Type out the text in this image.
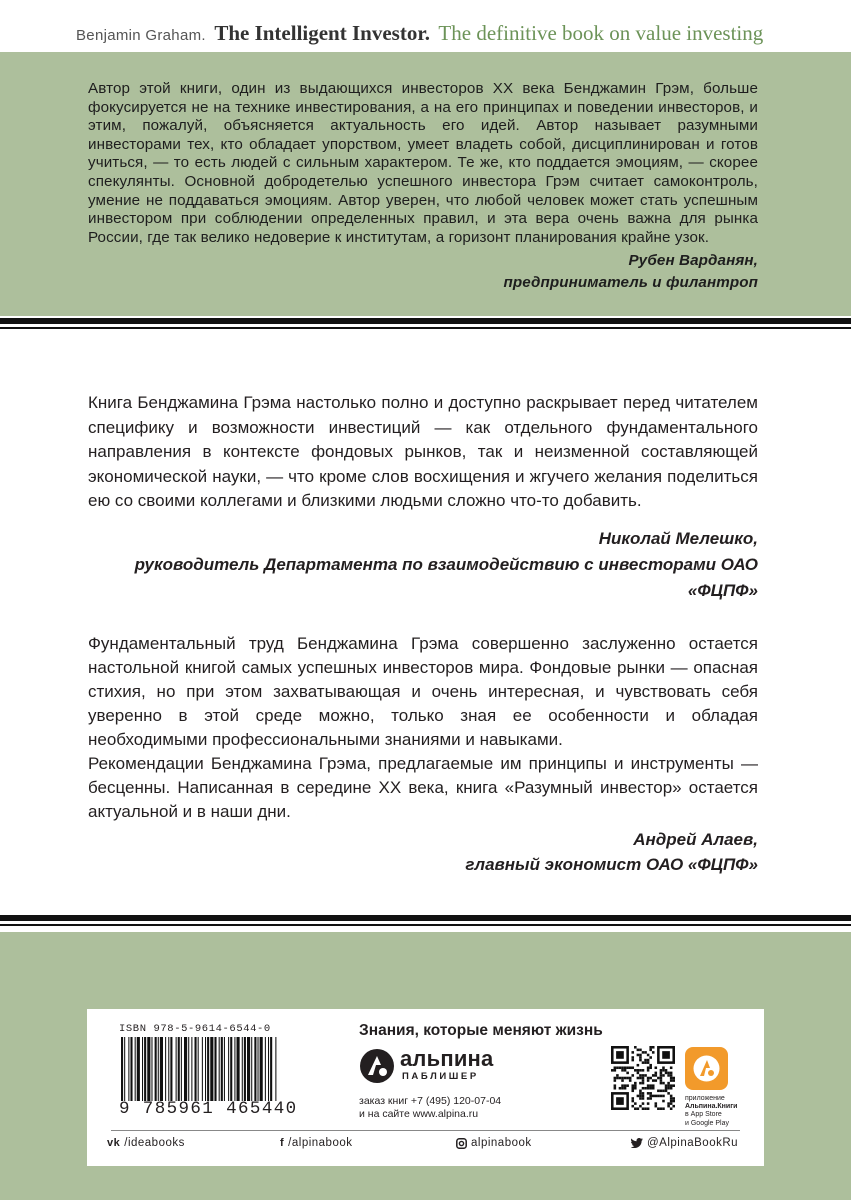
Benjamin Graham. The Intelligent Investor. The definitive book on value investing

Автор этой книги, один из выдающихся инвесторов XX века Бенджамин Грэм, больше фокусируется не на технике инвестирования, а на его принципах и поведении инвесторов, и этим, пожалуй, объясняется актуальность его идей. Автор называет разумными инвесторами тех, кто обладает упорством, умеет владеть собой, дисциплинирован и готов учиться, — то есть людей с сильным характером. Те же, кто поддается эмоциям, — скорее спекулянты. Основной добродетелью успешного инвестора Грэм считает самоконтроль, умение не поддаваться эмоциям. Автор уверен, что любой человек может стать успешным инвестором при соблюдении определенных правил, и эта вера очень важна для рынка России, где так велико недоверие к институтам, а горизонт планирования крайне узок.

Рубен Варданян,
предприниматель и филантроп

Книга Бенджамина Грэма настолько полно и доступно раскрывает перед читателем специфику и возможности инвестиций — как отдельного фундаментального направления в контексте фондовых рынков, так и неизменной составляющей экономической науки, — что кроме слов восхищения и жгучего желания поделиться ею со своими коллегами и близкими людьми сложно что-то добавить.

Николай Мелешко,
руководитель Департамента по взаимодействию с инвесторами ОАО «ФЦПФ»

Фундаментальный труд Бенджамина Грэма совершенно заслуженно остается настольной книгой самых успешных инвесторов мира. Фондовые рынки — опасная стихия, но при этом захватывающая и очень интересная, и чувствовать себя уверенно в этой среде можно, только зная ее особенности и обладая необходимыми профессиональными знаниями и навыками.

Рекомендации Бенджамина Грэма, предлагаемые им принципы и инструменты — бесценны. Написанная в середине XX века, книга «Разумный инвестор» остается актуальной и в наши дни.

Андрей Алаев,
главный экономист ОАО «ФЦПФ»
ISBN 978-5-9614-6544-0
9 785961 465440
Знания, которые меняют жизнь
альпина
ПАБЛИШЕР
заказ книг +7 (495) 120-07-04
и на сайте www.alpina.ru
приложение
Альпина.Книги
в App Store
и Google Play
vk /ideabooks	f /alpinabook	alpinabook	@AlpinaBookRu
